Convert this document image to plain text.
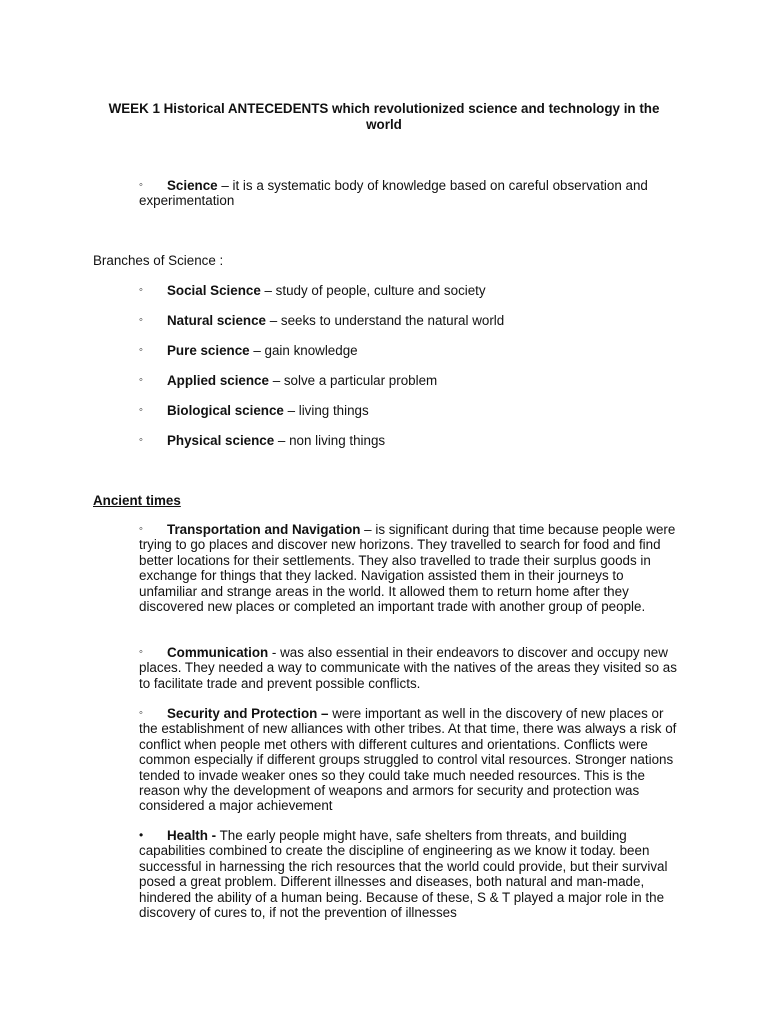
WEEK 1 Historical ANTECEDENTS which revolutionized science and technology in the world
◦	Science – it is a systematic body of knowledge based on careful observation and experimentation
Branches of Science :
◦	Social Science – study of people, culture and society
◦	Natural science – seeks to understand the natural world
◦	Pure science – gain knowledge
◦	Applied science – solve a particular problem
◦	Biological science – living things
◦	Physical science – non living things
Ancient times
◦	Transportation and Navigation – is significant during that time because people were trying to go places and discover new horizons. They travelled to search for food and find better locations for their settlements. They also travelled to trade their surplus goods in exchange for things that they lacked. Navigation assisted them in their journeys to unfamiliar and strange areas in the world. It allowed them to return home after they discovered new places or completed an important trade with another group of people.
◦	Communication - was also essential in their endeavors to discover and occupy new places. They needed a way to communicate with the natives of the areas they visited so as to facilitate trade and prevent possible conflicts.
◦	Security and Protection – were important as well in the discovery of new places or the establishment of new alliances with other tribes. At that time, there was always a risk of conflict when people met others with different cultures and orientations. Conflicts were common especially if different groups struggled to control vital resources. Stronger nations tended to invade weaker ones so they could take much needed resources. This is the reason why the development of weapons and armors for security and protection was considered a major achievement
•	Health - The early people might have, safe shelters from threats, and building capabilities combined to create the discipline of engineering as we know it today. been successful in harnessing the rich resources that the world could provide, but their survival posed a great problem. Different illnesses and diseases, both natural and man-made, hindered the ability of a human being. Because of these, S & T played a major role in the discovery of cures to, if not the prevention of illnesses
